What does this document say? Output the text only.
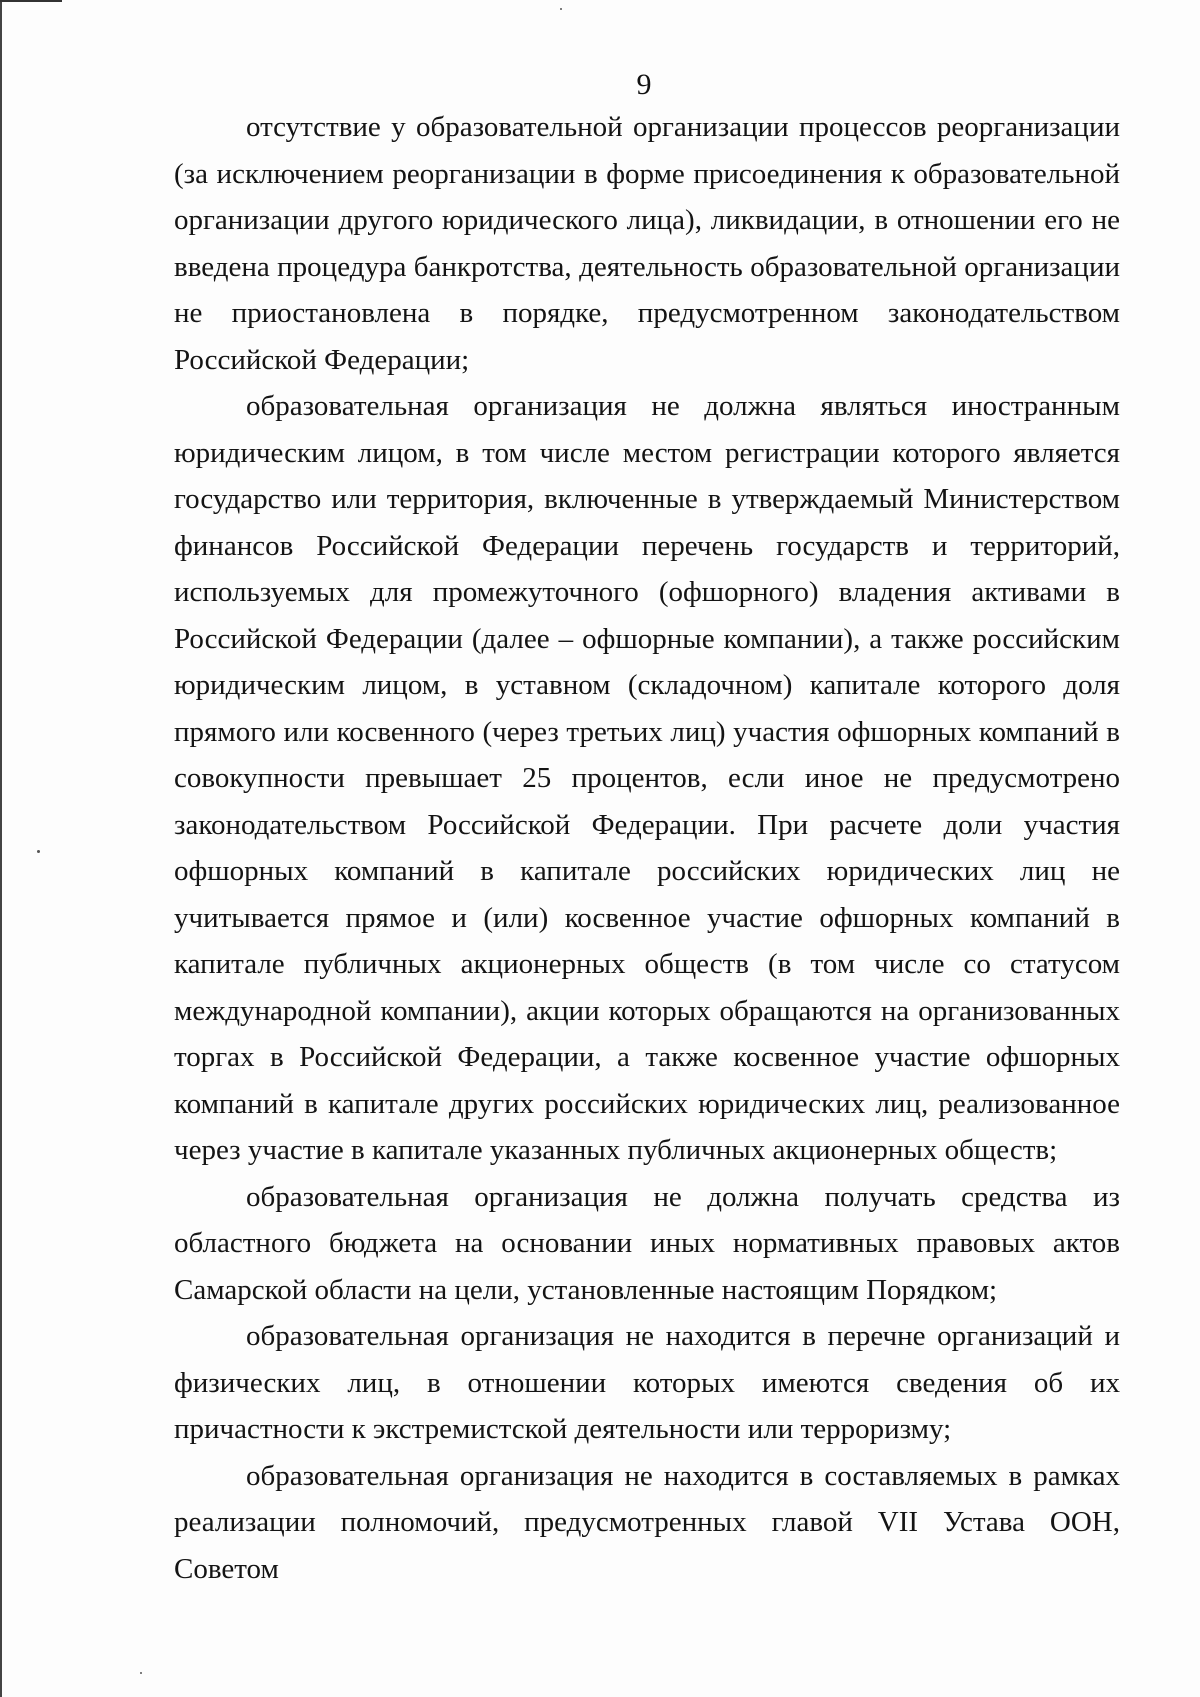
9

отсутствие у образовательной организации процессов реорганизации (за исключением реорганизации в форме присоединения к образовательной организации другого юридического лица), ликвидации, в отношении его не введена процедура банкротства, деятельность образовательной организации не приостановлена в порядке, предусмотренном законодательством Российской Федерации;

образовательная организация не должна являться иностранным юридическим лицом, в том числе местом регистрации которого является государство или территория, включенные в утверждаемый Министерством финансов Российской Федерации перечень государств и территорий, используемых для промежуточного (офшорного) владения активами в Российской Федерации (далее – офшорные компании), а также российским юридическим лицом, в уставном (складочном) капитале которого доля прямого или косвенного (через третьих лиц) участия офшорных компаний в совокупности превышает 25 процентов, если иное не предусмотрено законодательством Российской Федерации. При расчете доли участия офшорных компаний в капитале российских юридических лиц не учитывается прямое и (или) косвенное участие офшорных компаний в капитале публичных акционерных обществ (в том числе со статусом международной компании), акции которых обращаются на организованных торгах в Российской Федерации, а также косвенное участие офшорных компаний в капитале других российских юридических лиц, реализованное через участие в капитале указанных публичных акционерных обществ;

образовательная организация не должна получать средства из областного бюджета на основании иных нормативных правовых актов Самарской области на цели, установленные настоящим Порядком;

образовательная организация не находится в перечне организаций и физических лиц, в отношении которых имеются сведения об их причастности к экстремистской деятельности или терроризму;

образовательная организация не находится в составляемых в рамках реализации полномочий, предусмотренных главой VII Устава ООН, Советом
